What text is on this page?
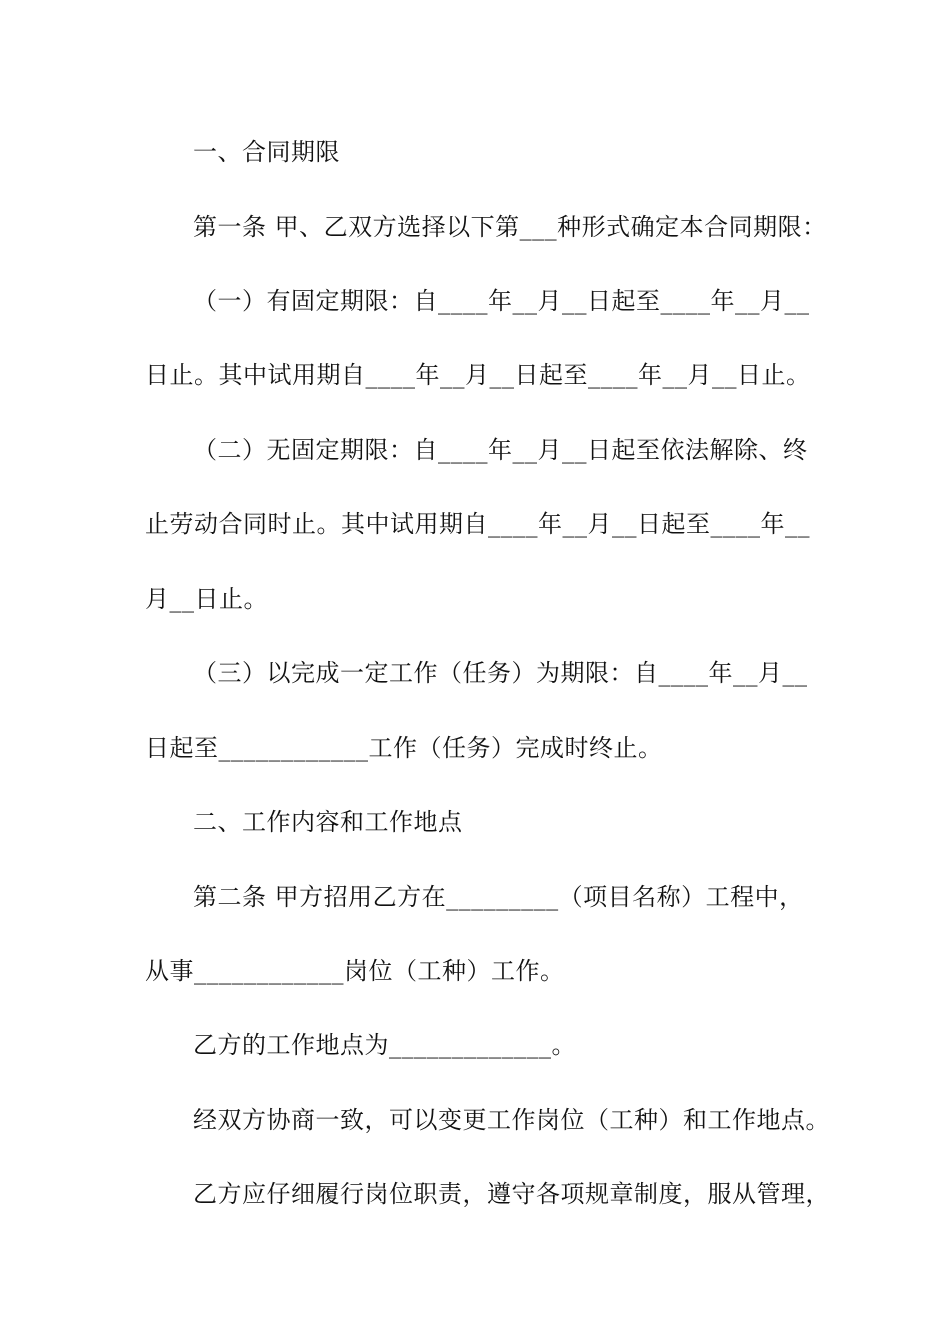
一、合同期限
第一条 甲、乙双方选择以下第___种形式确定本合同期限：
（一）有固定期限：自____年__月__日起至____年__月__
日止。其中试用期自____年__月__日起至____年__月__日止。
（二）无固定期限：自____年__月__日起至依法解除、终
止劳动合同时止。其中试用期自____年__月__日起至____年__
月__日止。
（三）以完成一定工作（任务）为期限：自____年__月__
日起至____________工作（任务）完成时终止。
二、工作内容和工作地点
第二条 甲方招用乙方在_________（项目名称）工程中，
从事____________岗位（工种）工作。
乙方的工作地点为_____________。
经双方协商一致，可以变更工作岗位（工种）和工作地点。
乙方应仔细履行岗位职责，遵守各项规章制度，服从管理，
